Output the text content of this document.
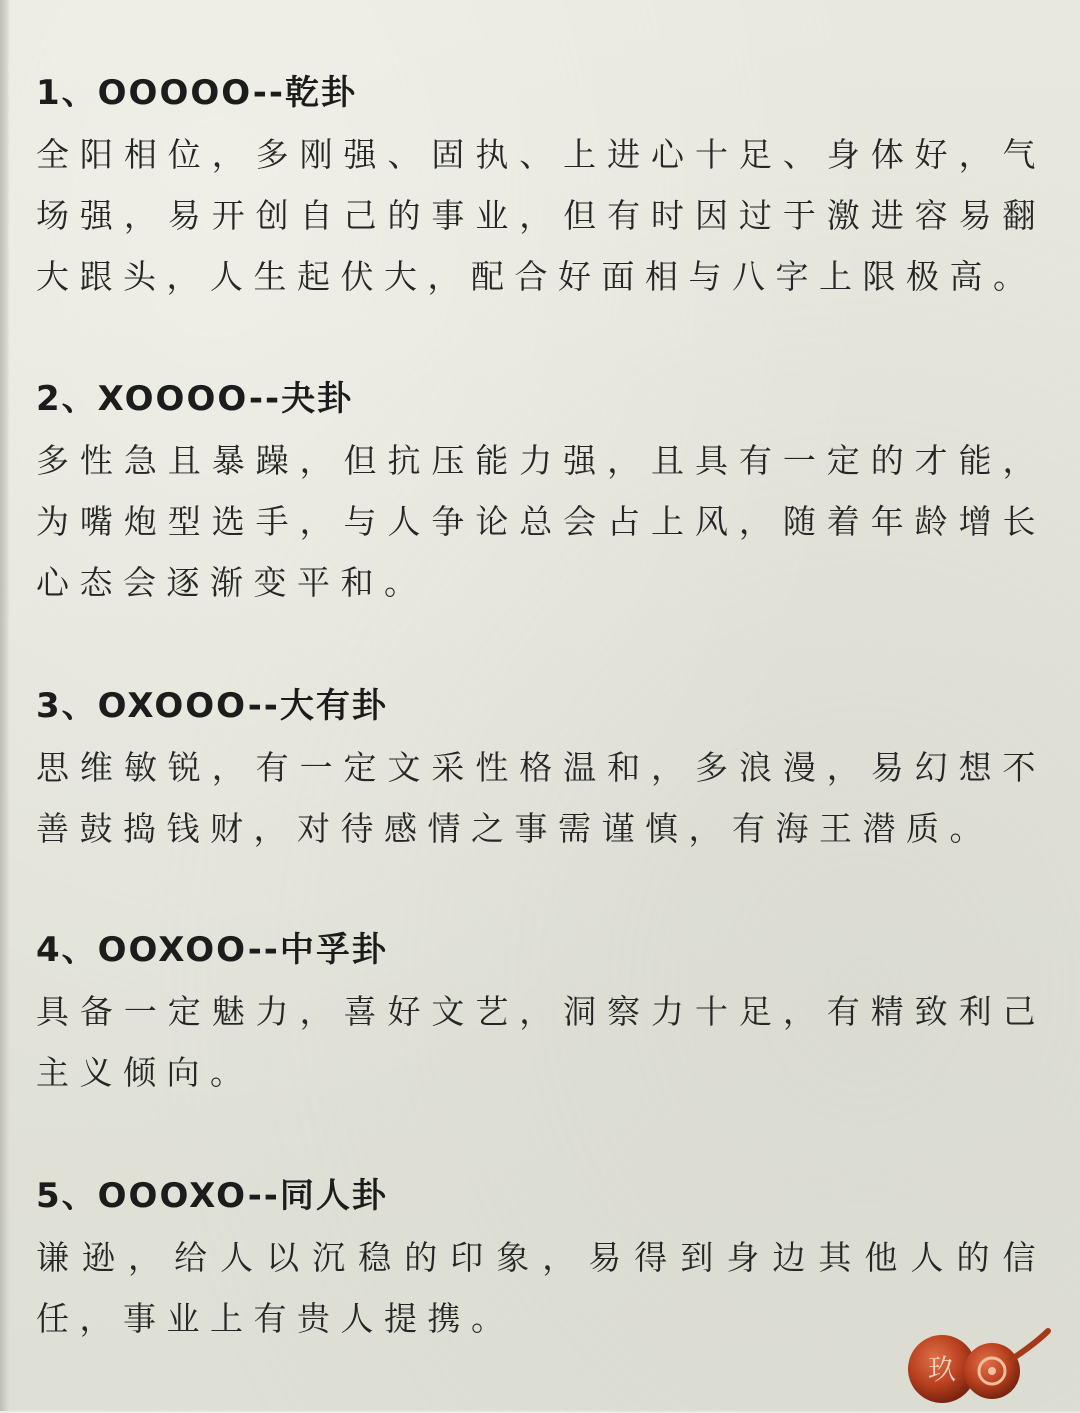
1、OOOOO--乾卦
全阳相位，多刚强、固执、上进心十足、身体好，气场强，易开创自己的事业，但有时因过于激进容易翻大跟头，人生起伏大，配合好面相与八字上限极高。
2、XOOOO--夬卦
多性急且暴躁，但抗压能力强，且具有一定的才能，为嘴炮型选手，与人争论总会占上风，随着年龄增长心态会逐渐变平和。
3、OXOOO--大有卦
思维敏锐，有一定文采性格温和，多浪漫，易幻想不善鼓捣钱财，对待感情之事需谨慎，有海王潜质。
4、OOXOO--中孚卦
具备一定魅力，喜好文艺，洞察力十足，有精致利己主义倾向。
5、OOOXO--同人卦
谦逊，给人以沉稳的印象，易得到身边其他人的信任，事业上有贵人提携。
玖
